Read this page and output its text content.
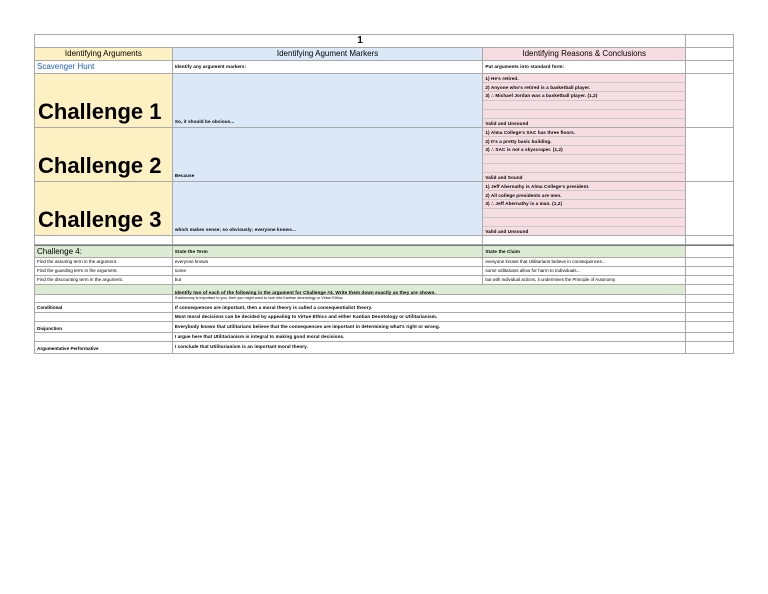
1
Identifying Arguments	Identifying Agument Markers	Identifying Reasons & Conclusions
Scavenger Hunt	Identify any argument markers:	Put arguments into standard form:
Challenge 1	So, it should be obvious...
1) He's retired.
2) Anyone who's retired is a basketball player.
3) ∴ Michael Jordan was a basketball player. (1,2)
Valid and Unsound
Challenge 2	Because
1) Alma College's SAC has three floors.
2) It's a pretty basic building.
3) ∴ SAC is not a skyscraper. (1,2)
Valid and Sound
Challenge 3	which makes sense; so obviously; everyone knows...
1) Jeff Abernathy is Alma College's president.
2) All college presidents are men.
3) ∴ Jeff Abernathy is a man. (1,2)
Valid and Unsound
Challenge 4:	State the Term	State the Claim
Find the assuring term in the argument.	everyone knows	everyone knows that Utilitarians believe in consequences...
Find the guarding term in the argument.	some	some utilitarians allow for harm to individuals...
Find the discounting term in the argument.	but	but with individual actions, it undermines the Principle of Autonomy.
Identify two of each of the following in the argument for Challenge #4. Write them down exactly as they are shown.
If autonomy is important to you, then you might want to look into Kantian deontology or Virtue Ethics.
Conditional	If consequences are important, then a moral theory is called a consequentialist theory.
Most moral decisions can be decided by appealing to Virtue Ethics and either Kantian Deontology or Utilitarianism.
Disjunction	Everybody knows that utilitarians believe that the consequences are important in determining what's right or wrong.
I argue here that Utilitarianism is integral to making good moral decisions.
Argumentative Performative	I conclude that Utilitarianism is an important moral theory.
